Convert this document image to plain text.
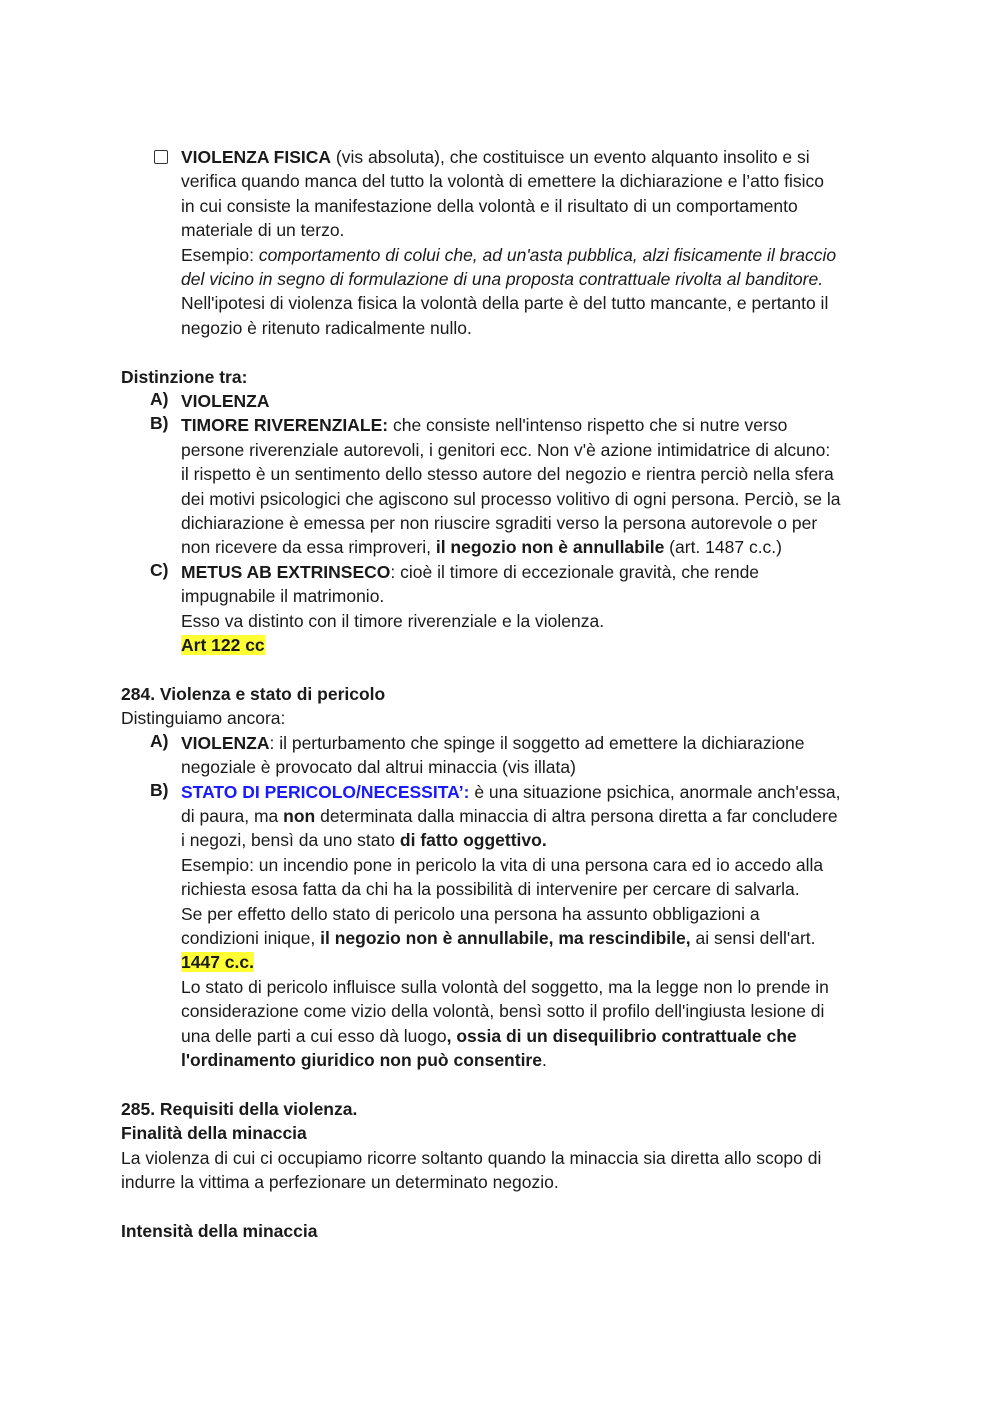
VIOLENZA FISICA (vis absoluta), che costituisce un evento alquanto insolito e si
verifica quando manca del tutto la volontà di emettere la dichiarazione e l’atto fisico
in cui consiste la manifestazione della volontà e il risultato di un comportamento
materiale di un terzo.
Esempio: comportamento di colui che, ad un'asta pubblica, alzi fisicamente il braccio
del vicino in segno di formulazione di una proposta contrattuale rivolta al banditore.
Nell'ipotesi di violenza fisica la volontà della parte è del tutto mancante, e pertanto il
negozio è ritenuto radicalmente nullo.
Distinzione tra:
A) VIOLENZA
B) TIMORE RIVERENZIALE: che consiste nell'intenso rispetto che si nutre verso
persone riverenziale autorevoli, i genitori ecc. Non v'è azione intimidatrice di alcuno:
il rispetto è un sentimento dello stesso autore del negozio e rientra perciò nella sfera
dei motivi psicologici che agiscono sul processo volitivo di ogni persona. Perciò, se la
dichiarazione è emessa per non riuscire sgraditi verso la persona autorevole o per
non ricevere da essa rimproveri, il negozio non è annullabile (art. 1487 c.c.)
C) METUS AB EXTRINSECO: cioè il timore di eccezionale gravità, che rende
impugnabile il matrimonio.
Esso va distinto con il timore riverenziale e la violenza.
Art 122 cc
284. Violenza e stato di pericolo
Distinguiamo ancora:
A) VIOLENZA: il perturbamento che spinge il soggetto ad emettere la dichiarazione
negoziale è provocato dal altrui minaccia (vis illata)
B) STATO DI PERICOLO/NECESSITA’: è una situazione psichica, anormale anch'essa,
di paura, ma non determinata dalla minaccia di altra persona diretta a far concludere
i negozi, bensì da uno stato di fatto oggettivo.
Esempio: un incendio pone in pericolo la vita di una persona cara ed io accedo alla
richiesta esosa fatta da chi ha la possibilità di intervenire per cercare di salvarla.
Se per effetto dello stato di pericolo una persona ha assunto obbligazioni a
condizioni inique, il negozio non è annullabile, ma rescindibile, ai sensi dell'art.
1447 c.c.
Lo stato di pericolo influisce sulla volontà del soggetto, ma la legge non lo prende in
considerazione come vizio della volontà, bensì sotto il profilo dell'ingiusta lesione di
una delle parti a cui esso dà luogo, ossia di un disequilibrio contrattuale che
l'ordinamento giuridico non può consentire.
285. Requisiti della violenza.
Finalità della minaccia
La violenza di cui ci occupiamo ricorre soltanto quando la minaccia sia diretta allo scopo di
indurre la vittima a perfezionare un determinato negozio.
Intensità della minaccia
